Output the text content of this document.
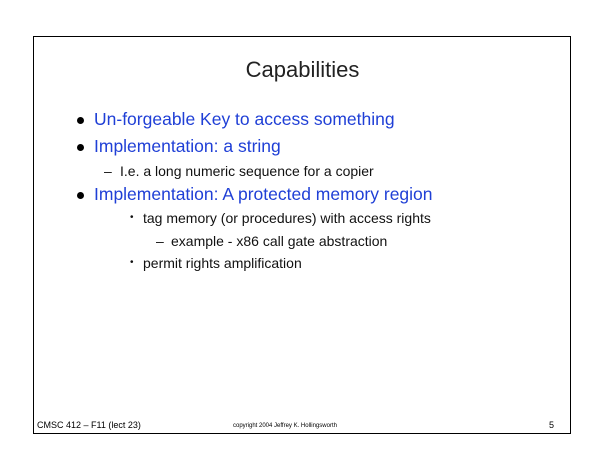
Capabilities
Un-forgeable Key to access something
Implementation: a string
– I.e. a long numeric sequence for a copier
Implementation: A protected memory region
• tag memory (or procedures) with access rights
– example - x86 call gate abstraction
• permit rights amplification
CMSC 412 – F11 (lect 23)	copyright 2004 Jeffrey K. Hollingsworth	5
